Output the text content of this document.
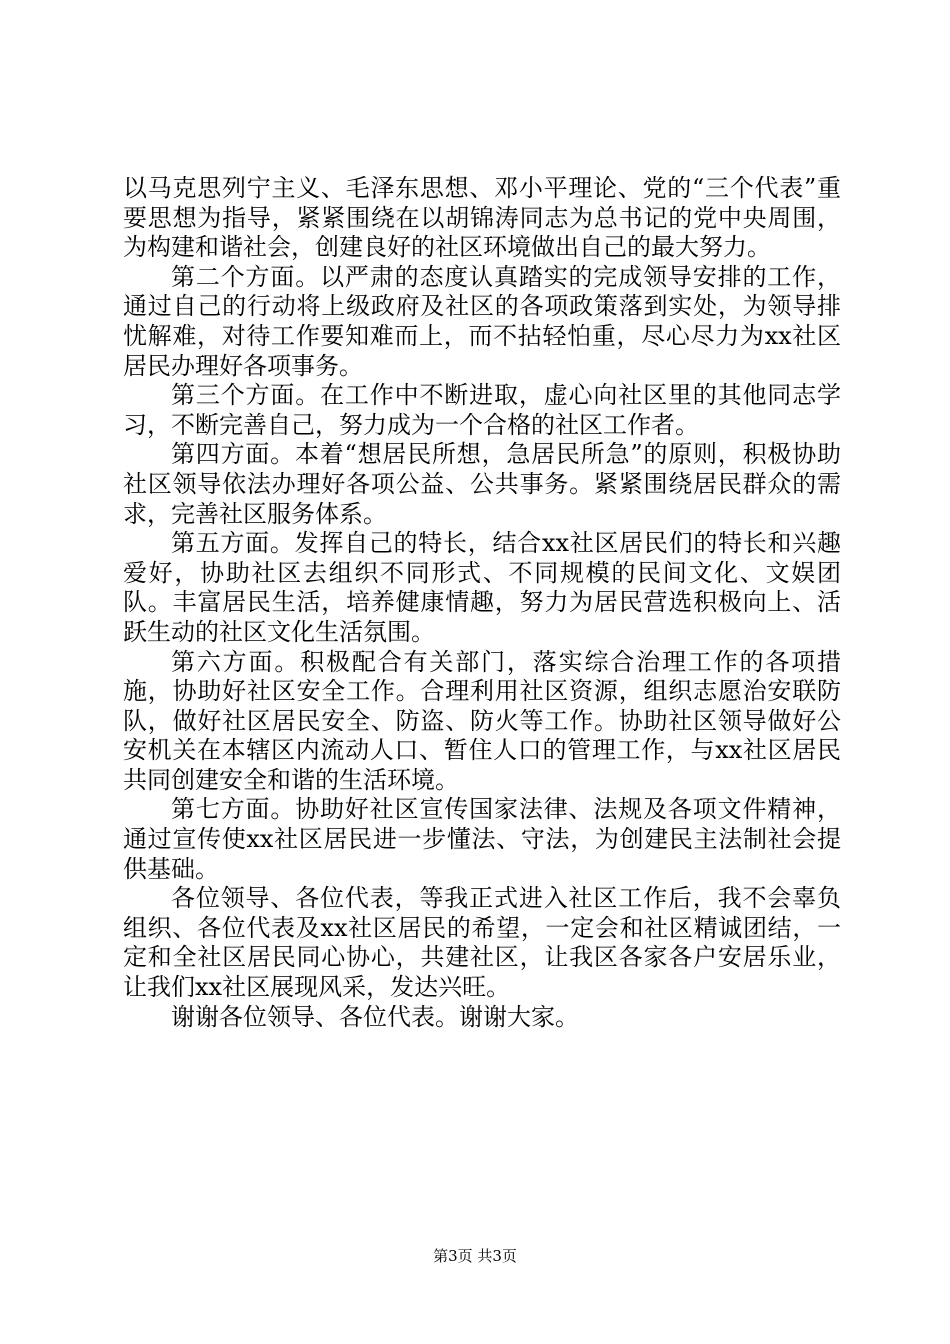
以马克思列宁主义、毛泽东思想、邓小平理论、党的“三个代表”重要思想为指导，紧紧围绕在以胡锦涛同志为总书记的党中央周围，为构建和谐社会，创建良好的社区环境做出自己的最大努力。

第二个方面。以严肃的态度认真踏实的完成领导安排的工作，通过自己的行动将上级政府及社区的各项政策落到实处，为领导排忧解难，对待工作要知难而上，而不拈轻怕重，尽心尽力为xx社区居民办理好各项事务。

第三个方面。在工作中不断进取，虚心向社区里的其他同志学习，不断完善自己，努力成为一个合格的社区工作者。

第四方面。本着“想居民所想，急居民所急”的原则，积极协助社区领导依法办理好各项公益、公共事务。紧紧围绕居民群众的需求，完善社区服务体系。

第五方面。发挥自己的特长，结合xx社区居民们的特长和兴趣爱好，协助社区去组织不同形式、不同规模的民间文化、文娱团队。丰富居民生活，培养健康情趣，努力为居民营选积极向上、活跃生动的社区文化生活氛围。

第六方面。积极配合有关部门，落实综合治理工作的各项措施，协助好社区安全工作。合理利用社区资源，组织志愿治安联防队，做好社区居民安全、防盗、防火等工作。协助社区领导做好公安机关在本辖区内流动人口、暂住人口的管理工作，与xx社区居民共同创建安全和谐的生活环境。

第七方面。协助好社区宣传国家法律、法规及各项文件精神，通过宣传使xx社区居民进一步懂法、守法，为创建民主法制社会提供基础。

各位领导、各位代表，等我正式进入社区工作后，我不会辜负组织、各位代表及xx社区居民的希望，一定会和社区精诚团结，一定和全社区居民同心协心，共建社区，让我区各家各户安居乐业，让我们xx社区展现风采，发达兴旺。

谢谢各位领导、各位代表。谢谢大家。

第3页 共3页
